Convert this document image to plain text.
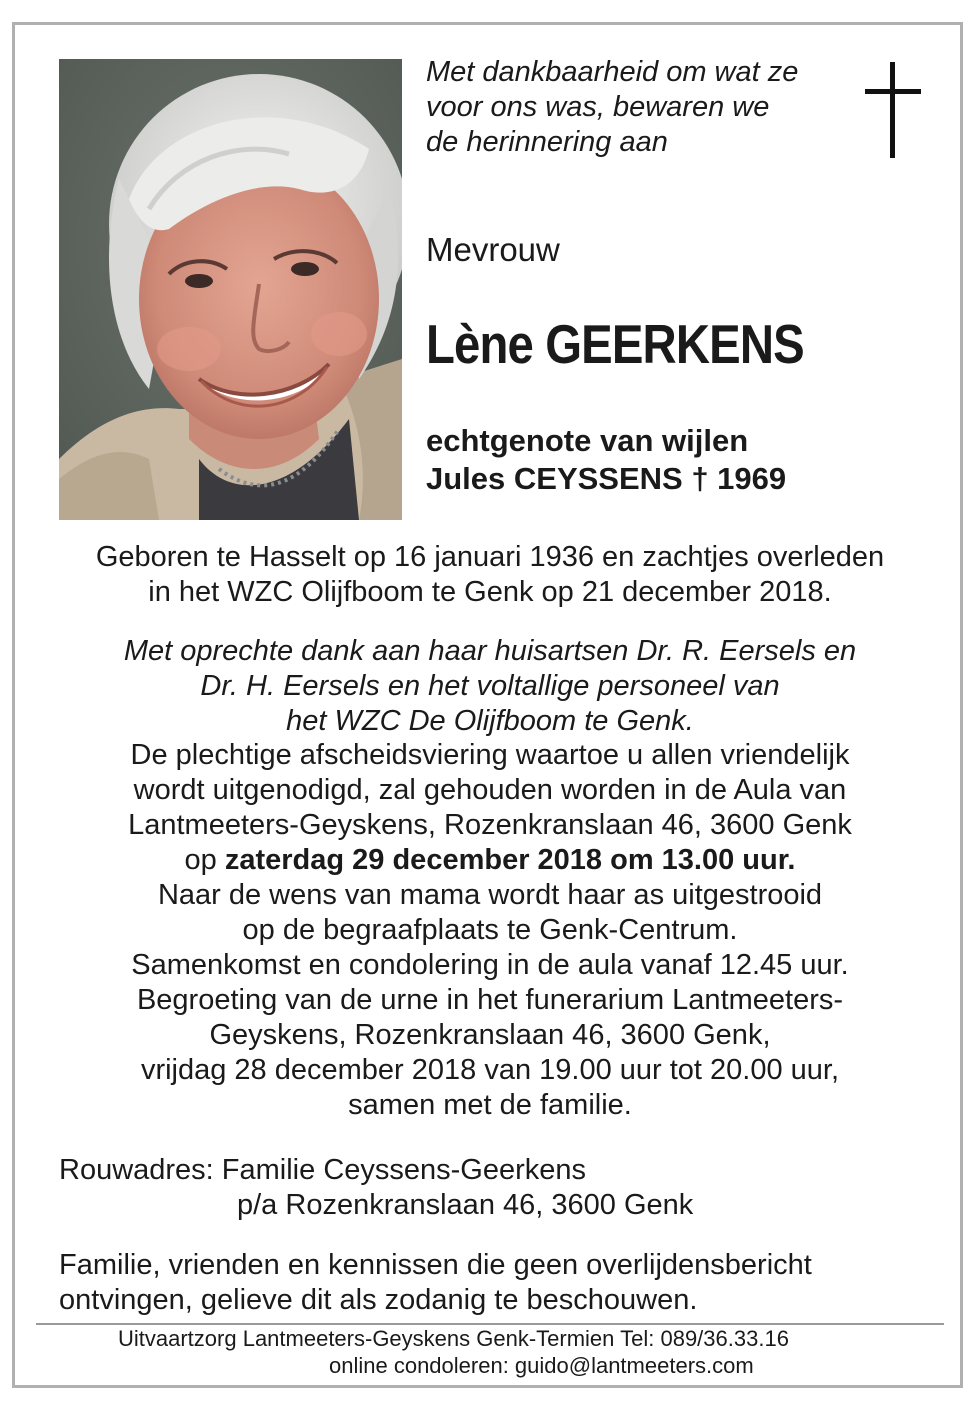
Met dankbaarheid om wat ze
voor ons was, bewaren we
de herinnering aan
Mevrouw
Lène GEERKENS
echtgenote van wijlen
Jules CEYSSENS † 1969
Geboren te Hasselt op 16 januari 1936 en zachtjes overleden
in het WZC Olijfboom te Genk op 21 december 2018.
Met oprechte dank aan haar huisartsen Dr. R. Eersels en
Dr. H. Eersels en het voltallige personeel van
het WZC De Olijfboom te Genk.
De plechtige afscheidsviering waartoe u allen vriendelijk
wordt uitgenodigd, zal gehouden worden in de Aula van
Lantmeeters-Geyskens, Rozenkranslaan 46, 3600 Genk
op zaterdag 29 december 2018 om 13.00 uur.
Naar de wens van mama wordt haar as uitgestrooid
op de begraafplaats te Genk-Centrum.
Samenkomst en condolering in de aula vanaf 12.45 uur.
Begroeting van de urne in het funerarium Lantmeeters-
Geyskens, Rozenkranslaan 46, 3600 Genk,
vrijdag 28 december 2018 van 19.00 uur tot 20.00 uur,
samen met de familie.
Rouwadres: Familie Ceyssens-Geerkens
p/a Rozenkranslaan 46, 3600 Genk
Familie, vrienden en kennissen die geen overlijdensbericht
ontvingen, gelieve dit als zodanig te beschouwen.
Uitvaartzorg Lantmeeters-Geyskens Genk-Termien Tel: 089/36.33.16
online condoleren: guido@lantmeeters.com
